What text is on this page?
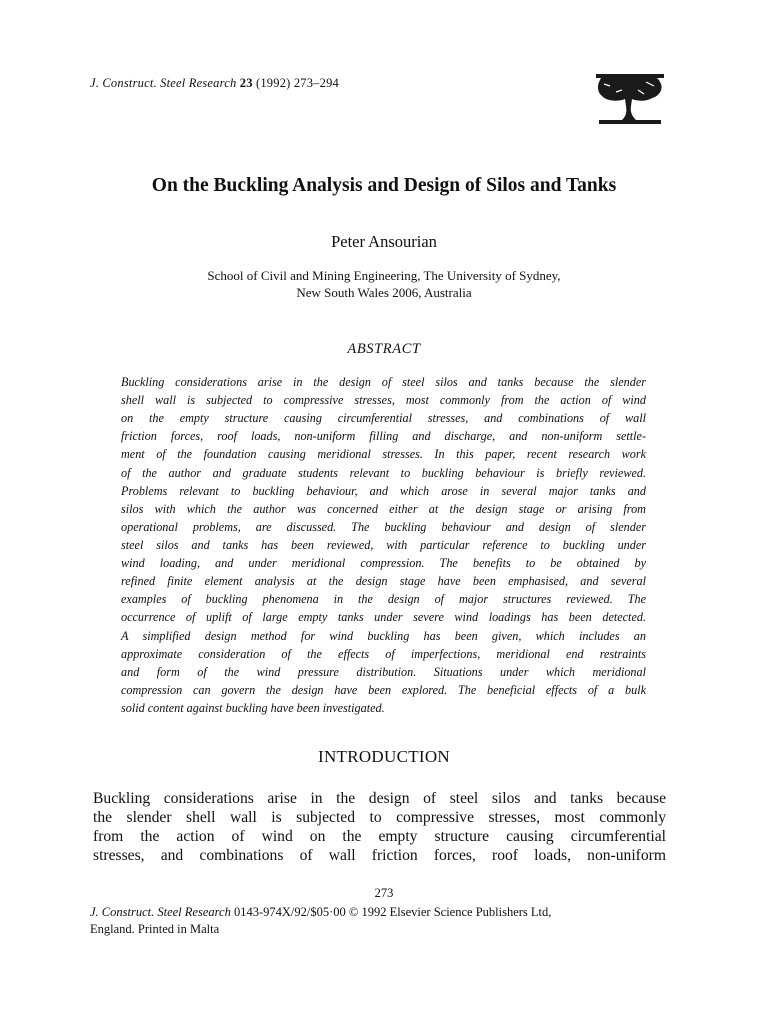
J. Construct. Steel Research 23 (1992) 273–294
On the Buckling Analysis and Design of Silos and Tanks
Peter Ansourian
School of Civil and Mining Engineering, The University of Sydney,
New South Wales 2006, Australia
ABSTRACT
Buckling considerations arise in the design of steel silos and tanks because the slender
shell wall is subjected to compressive stresses, most commonly from the action of wind
on the empty structure causing circumferential stresses, and combinations of wall
friction forces, roof loads, non-uniform filling and discharge, and non-uniform settle-
ment of the foundation causing meridional stresses. In this paper, recent research work
of the author and graduate students relevant to buckling behaviour is briefly reviewed.
Problems relevant to buckling behaviour, and which arose in several major tanks and
silos with which the author was concerned either at the design stage or arising from
operational problems, are discussed. The buckling behaviour and design of slender
steel silos and tanks has been reviewed, with particular reference to buckling under
wind loading, and under meridional compression. The benefits to be obtained by
refined finite element analysis at the design stage have been emphasised, and several
examples of buckling phenomena in the design of major structures reviewed. The
occurrence of uplift of large empty tanks under severe wind loadings has been detected.
A simplified design method for wind buckling has been given, which includes an
approximate consideration of the effects of imperfections, meridional end restraints
and form of the wind pressure distribution. Situations under which meridional
compression can govern the design have been explored. The beneficial effects of a bulk
solid content against buckling have been investigated.
INTRODUCTION
Buckling considerations arise in the design of steel silos and tanks because
the slender shell wall is subjected to compressive stresses, most commonly
from the action of wind on the empty structure causing circumferential
stresses, and combinations of wall friction forces, roof loads, non-uniform
273
J. Construct. Steel Research 0143-974X/92/$05·00 © 1992 Elsevier Science Publishers Ltd,
England. Printed in Malta
